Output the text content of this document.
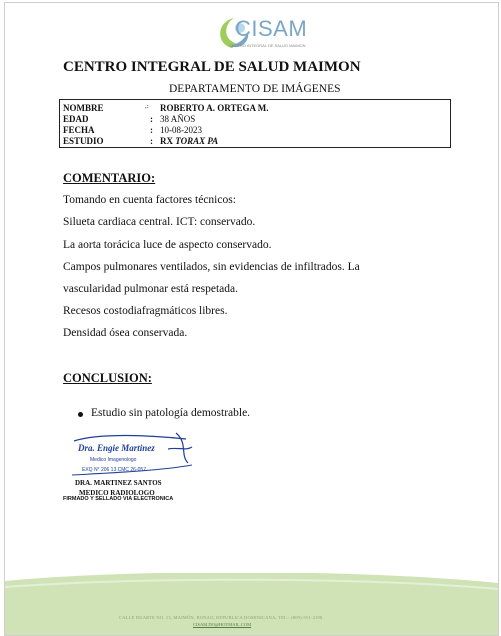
CISAM
CENTRO INTEGRAL DE SALUD MAIMON
CENTRO INTEGRAL DE SALUD MAIMON
DEPARTAMENTO DE IMÁGENES
NOMBRE	ᵥ: ROBERTO A. ORTEGA M.
EDAD	: 38 AÑOS
FECHA	: 10-08-2023
ESTUDIO	: RX TORAX PA
COMENTARIO:
Tomando en cuenta factores técnicos:
Silueta cardiaca central. ICT: conservado.
La aorta torácica luce de aspecto conservado.
Campos pulmonares ventilados, sin evidencias de infiltrados. La
vascularidad pulmonar está respetada.
Recesos costodiafragmáticos libres.
Densidad ósea conservada.
CONCLUSION:
Estudio sin patología demostrable.
Dra. Engie Martinez
Medico Imagenologo
EXQ N° 206 13 CMC 26-057
DRA. MARTINEZ SANTOS
MEDICO RADIOLOGO
FIRMADO Y SELLADO VIA ELECTRONICA
CALLE DUARTE NO. 13, MAIMÓN, BONAO, REPUBLICA DOMINICANA, TEL.: (809)-551-2198
CISAM.DO@HOTMAIL.COM
